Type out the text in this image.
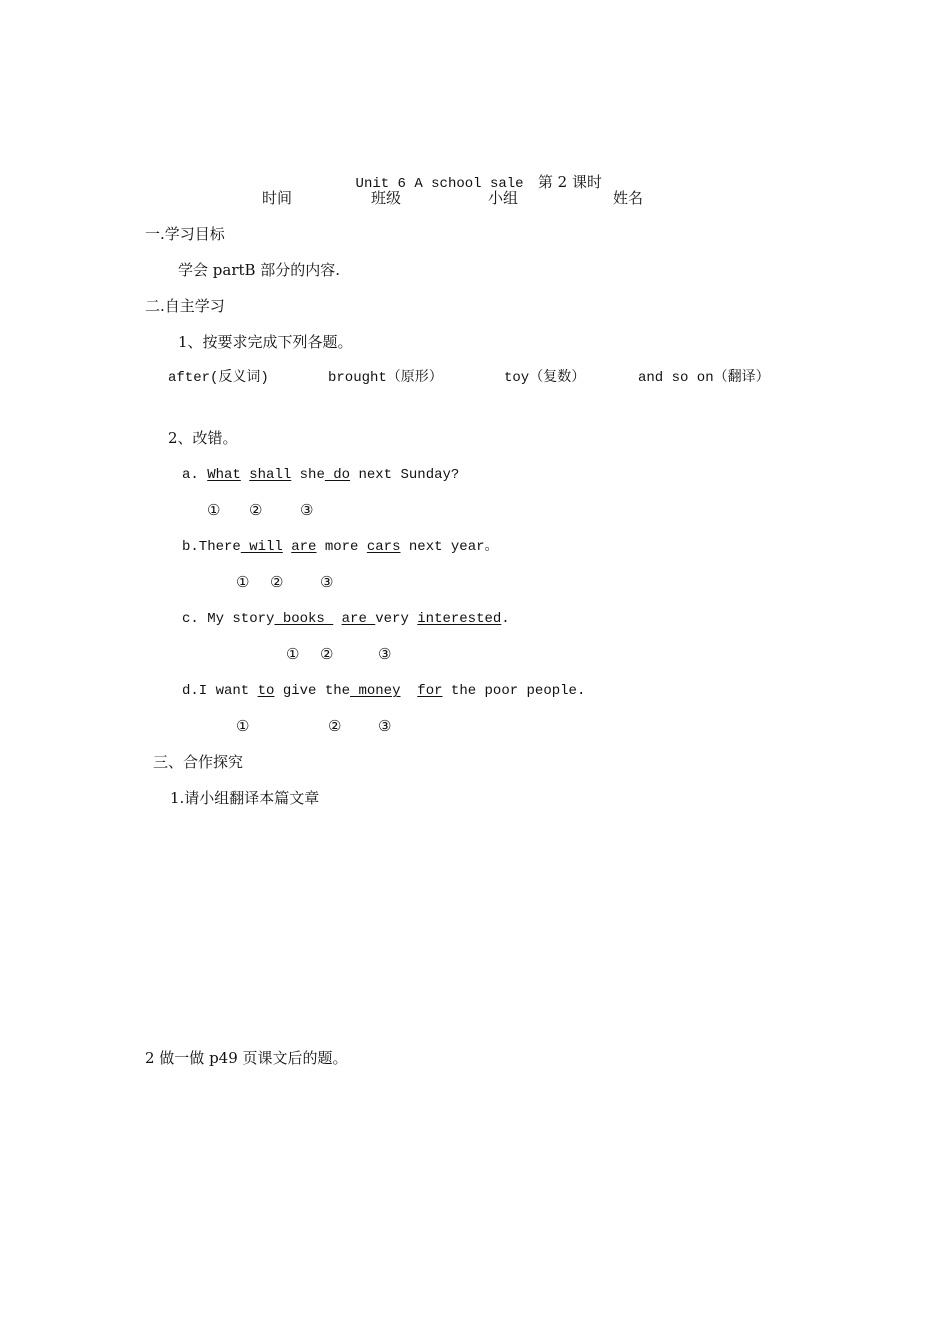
Unit 6 A school sale 第 2 课时

时间	班级	小组	姓名
一.学习目标
学会 partB 部分的内容.
二.自主学习
1、按要求完成下列各题。
after(反义词)	brought（原形）	toy（复数）	and so on（翻译）
2、改错。
a. What shall she do next Sunday?
① ②	③
b.There will are more cars next year。
① ② ③
c. My story books  are very interested.
① ②	③
d.I want to give the money for the poor people.
①	② ③
三、合作探究
1.请小组翻译本篇文章
2 做一做 p49 页课文后的题。
